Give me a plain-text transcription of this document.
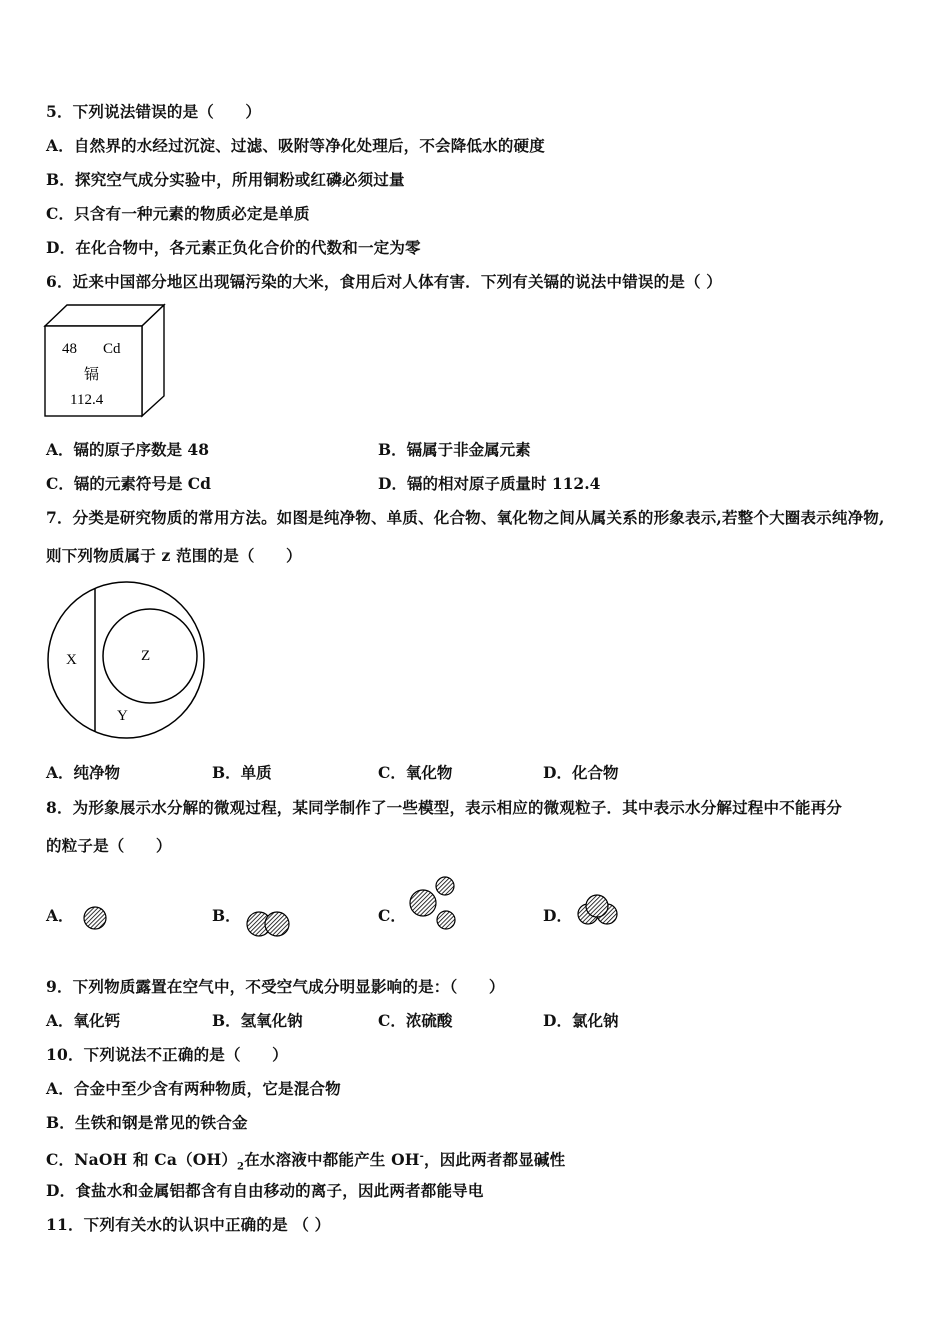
5．下列说法错误的是（　　）
A．自然界的水经过沉淀、过滤、吸附等净化处理后，不会降低水的硬度
B．探究空气成分实验中，所用铜粉或红磷必须过量
C．只含有一种元素的物质必定是单质
D．在化合物中，各元素正负化合价的代数和一定为零
6．近来中国部分地区出现镉污染的大米，食用后对人体有害．下列有关镉的说法中错误的是（ ）
48 Cd
镉
112.4
A．镉的原子序数是 48	B．镉属于非金属元素
C．镉的元素符号是 Cd	D．镉的相对原子质量时 112.4
7．分类是研究物质的常用方法。如图是纯净物、单质、化合物、氧化物之间从属关系的形象表示,若整个大圈表示纯净物,
则下列物质属于 z 范围的是（　　）
X	Z
Y
A．纯净物	B．单质	C．氧化物	D．化合物
8．为形象展示水分解的微观过程，某同学制作了一些模型，表示相应的微观粒子．其中表示水分解过程中不能再分
的粒子是（　　）
A．	B．	C．	D．
9．下列物质露置在空气中，不受空气成分明显影响的是：（　　）
A．氧化钙	B．氢氧化钠	C．浓硫酸	D．氯化钠
10．下列说法不正确的是（　　）
A．合金中至少含有两种物质，它是混合物
B．生铁和钢是常见的铁合金
C．NaOH 和 $Ca(OH)_2$在水溶液中都能产生 OH-，因此两者都显碱性
D．食盐水和金属铝都含有自由移动的离子，因此两者都能导电
11．下列有关水的认识中正确的是 （ ）
